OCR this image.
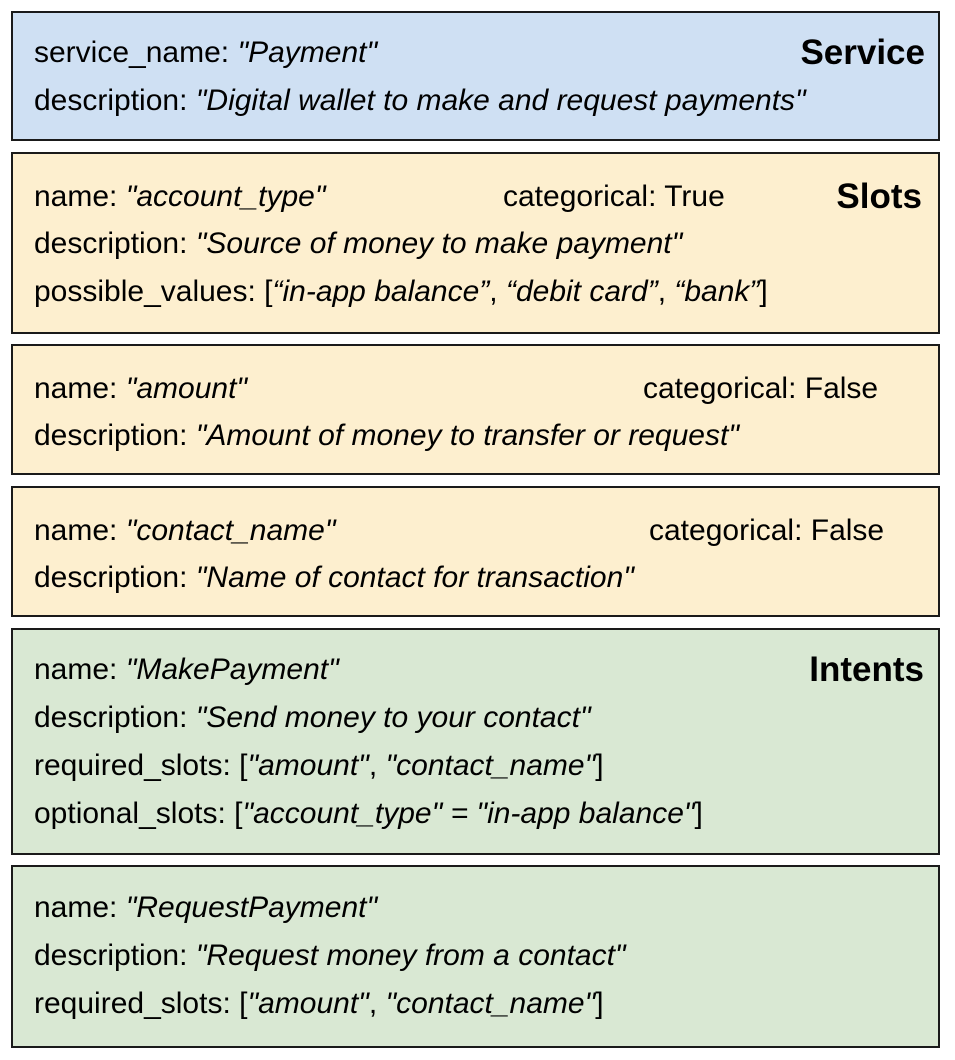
service_name: "Payment"
description: "Digital wallet to make and request payments"
Service
name: "account_type"	categorical: True	Slots
description: "Source of money to make payment"
possible_values: [“in-app balance”, “debit card”, “bank”]
name: "amount"	categorical: False
description: "Amount of money to transfer or request"
name: "contact_name"	categorical: False
description: "Name of contact for transaction"
name: "MakePayment"	Intents
description: "Send money to your contact"
required_slots: ["amount", "contact_name"]
optional_slots: ["account_type" = "in-app balance"]
name: "RequestPayment"
description: "Request money from a contact"
required_slots: ["amount", "contact_name"]
